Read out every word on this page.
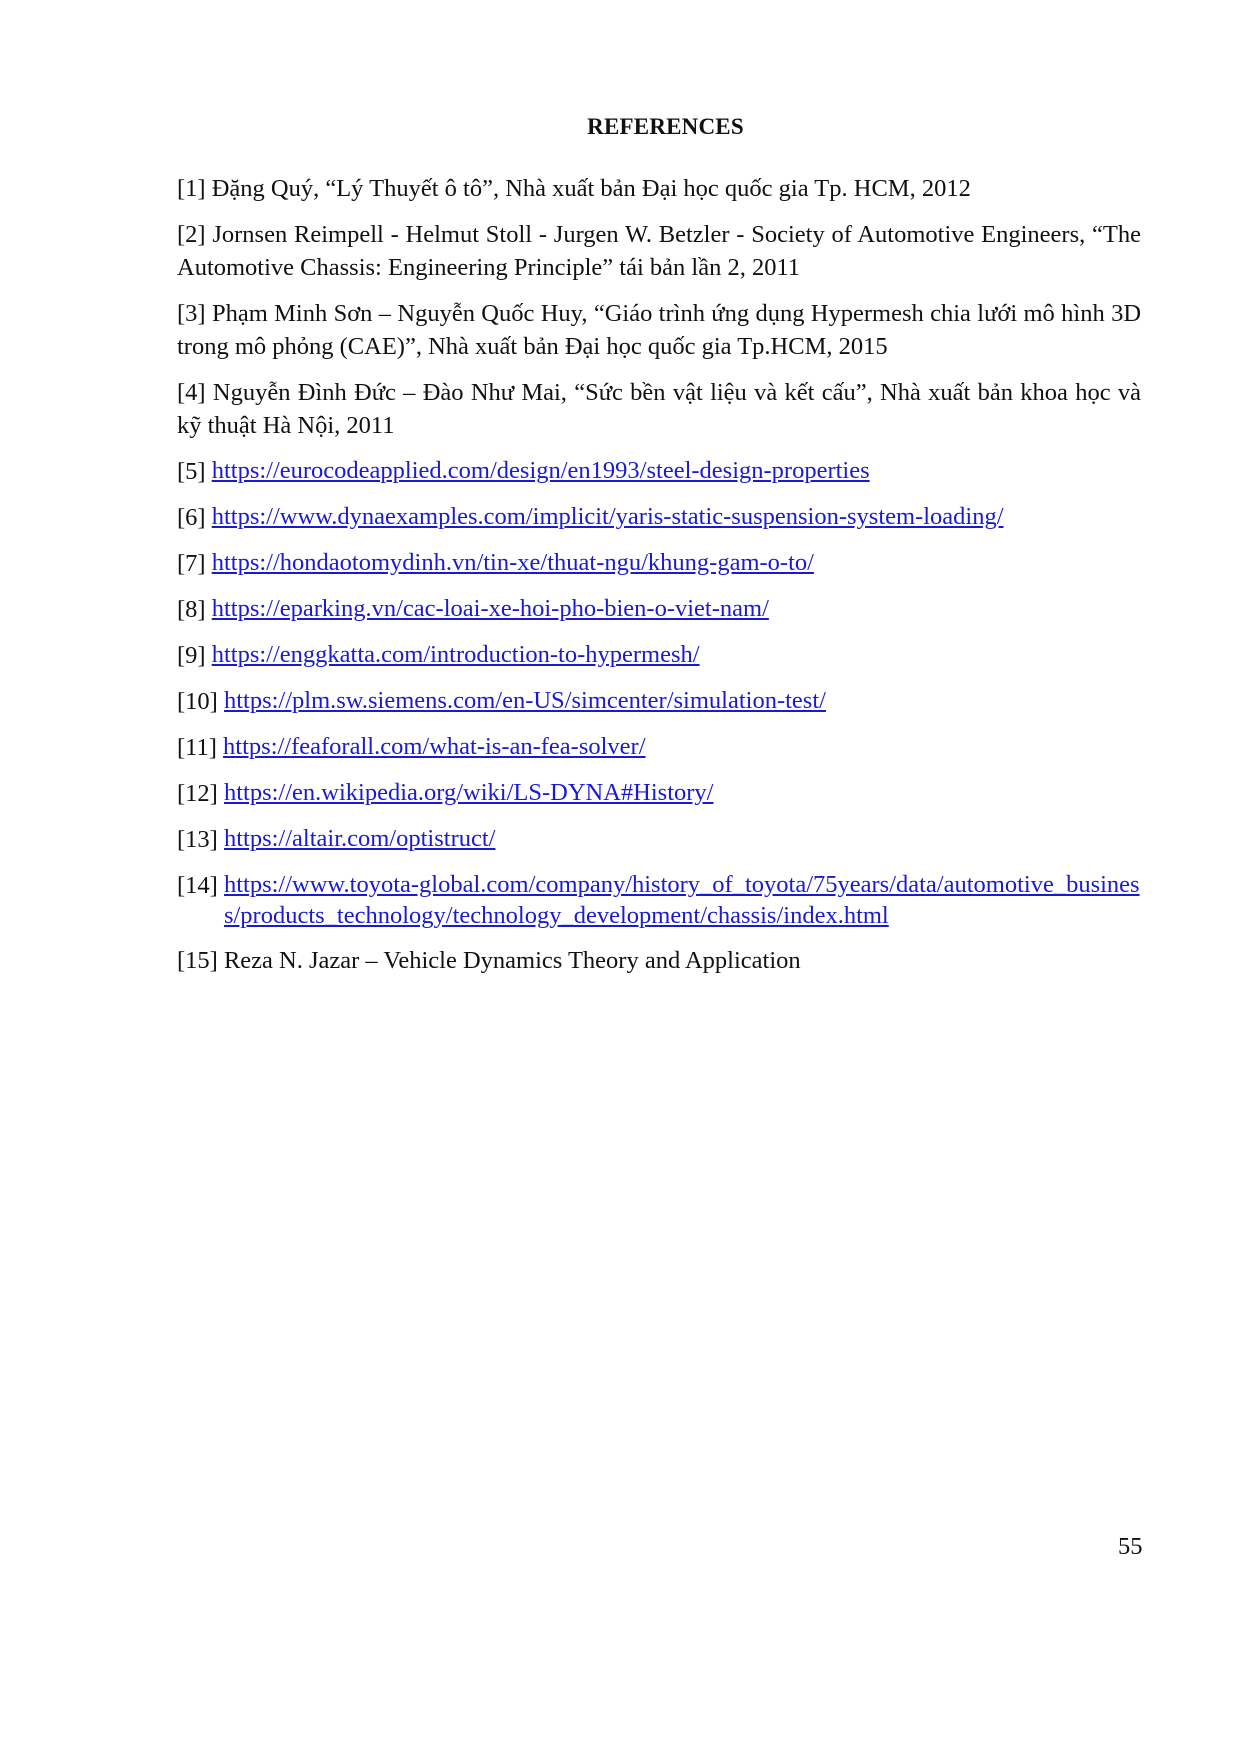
REFERENCES
[1] Đặng Quý, “Lý Thuyết ô tô”, Nhà xuất bản Đại học quốc gia Tp. HCM, 2012
[2] Jornsen Reimpell - Helmut Stoll - Jurgen W. Betzler - Society of Automotive Engineers, “The Automotive Chassis: Engineering Principle” tái bản lần 2, 2011
[3] Phạm Minh Sơn – Nguyễn Quốc Huy, “Giáo trình ứng dụng Hypermesh chia lưới mô hình 3D trong mô phỏng (CAE)”, Nhà xuất bản Đại học quốc gia Tp.HCM, 2015
[4] Nguyễn Đình Đức – Đào Như Mai, “Sức bền vật liệu và kết cấu”, Nhà xuất bản khoa học và kỹ thuật Hà Nội, 2011
[5]
https://eurocodeapplied.com/design/en1993/steel-design-properties
[6]
https://www.dynaexamples.com/implicit/yaris-static-suspension-system-loading/
[7]
https://hondaotomydinh.vn/tin-xe/thuat-ngu/khung-gam-o-to/
[8]
https://eparking.vn/cac-loai-xe-hoi-pho-bien-o-viet-nam/
[9]
https://enggkatta.com/introduction-to-hypermesh/
[10]
https://plm.sw.siemens.com/en-US/simcenter/simulation-test/
[11]
https://feaforall.com/what-is-an-fea-solver/
[12]
https://en.wikipedia.org/wiki/LS-DYNA#History/
[13]
https://altair.com/optistruct/
[14]
https://www.toyota-global.com/company/history_of_toyota/75years/data/automotive_business/products_technology/technology_development/chassis/index.html
[15] Reza N. Jazar – Vehicle Dynamics Theory and Application
55
